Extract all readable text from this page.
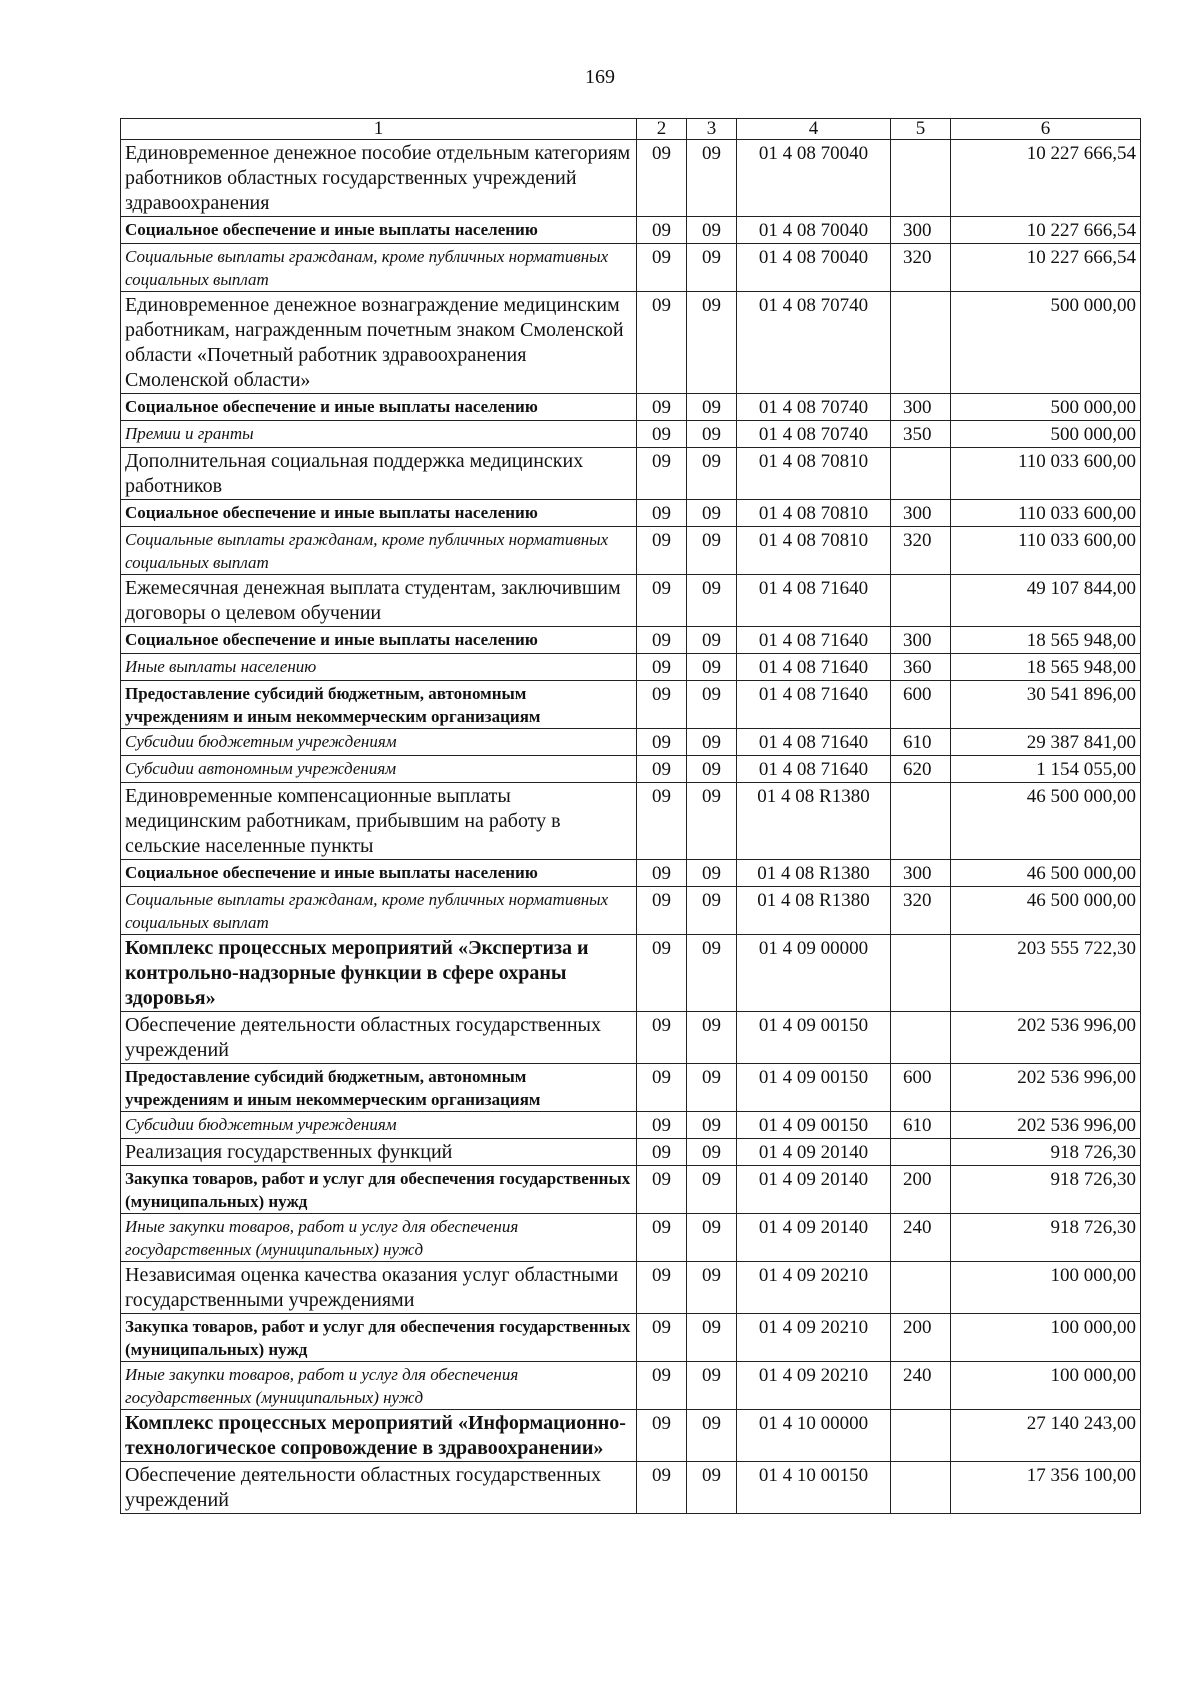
169
1	2	3	4	5	6
Единовременное денежное пособие отдельным категориям работников областных государственных учреждений здравоохранения	09	09	01 4 08 70040		10 227 666,54
Социальное обеспечение и иные выплаты населению	09	09	01 4 08 70040	300	10 227 666,54
Социальные выплаты гражданам, кроме публичных нормативных социальных выплат	09	09	01 4 08 70040	320	10 227 666,54
Единовременное денежное вознаграждение медицинским работникам, награжденным почетным знаком Смоленской области «Почетный работник здравоохранения Смоленской области»	09	09	01 4 08 70740		500 000,00
Социальное обеспечение и иные выплаты населению	09	09	01 4 08 70740	300	500 000,00
Премии и гранты	09	09	01 4 08 70740	350	500 000,00
Дополнительная социальная поддержка медицинских работников	09	09	01 4 08 70810		110 033 600,00
Социальное обеспечение и иные выплаты населению	09	09	01 4 08 70810	300	110 033 600,00
Социальные выплаты гражданам, кроме публичных нормативных социальных выплат	09	09	01 4 08 70810	320	110 033 600,00
Ежемесячная денежная выплата студентам, заключившим договоры о целевом обучении	09	09	01 4 08 71640		49 107 844,00
Социальное обеспечение и иные выплаты населению	09	09	01 4 08 71640	300	18 565 948,00
Иные выплаты населению	09	09	01 4 08 71640	360	18 565 948,00
Предоставление субсидий бюджетным, автономным учреждениям и иным некоммерческим организациям	09	09	01 4 08 71640	600	30 541 896,00
Субсидии бюджетным учреждениям	09	09	01 4 08 71640	610	29 387 841,00
Субсидии автономным учреждениям	09	09	01 4 08 71640	620	1 154 055,00
Единовременные компенсационные выплаты медицинским работникам, прибывшим на работу в сельские населенные пункты	09	09	01 4 08 R1380		46 500 000,00
Социальное обеспечение и иные выплаты населению	09	09	01 4 08 R1380	300	46 500 000,00
Социальные выплаты гражданам, кроме публичных нормативных социальных выплат	09	09	01 4 08 R1380	320	46 500 000,00
Комплекс процессных мероприятий «Экспертиза и контрольно-надзорные функции в сфере охраны здоровья»	09	09	01 4 09 00000		203 555 722,30
Обеспечение деятельности областных государственных учреждений	09	09	01 4 09 00150		202 536 996,00
Предоставление субсидий бюджетным, автономным учреждениям и иным некоммерческим организациям	09	09	01 4 09 00150	600	202 536 996,00
Субсидии бюджетным учреждениям	09	09	01 4 09 00150	610	202 536 996,00
Реализация государственных функций	09	09	01 4 09 20140		918 726,30
Закупка товаров, работ и услуг для обеспечения государственных (муниципальных) нужд	09	09	01 4 09 20140	200	918 726,30
Иные закупки товаров, работ и услуг для обеспечения государственных (муниципальных) нужд	09	09	01 4 09 20140	240	918 726,30
Независимая оценка качества оказания услуг областными государственными учреждениями	09	09	01 4 09 20210		100 000,00
Закупка товаров, работ и услуг для обеспечения государственных (муниципальных) нужд	09	09	01 4 09 20210	200	100 000,00
Иные закупки товаров, работ и услуг для обеспечения государственных (муниципальных) нужд	09	09	01 4 09 20210	240	100 000,00
Комплекс процессных мероприятий «Информационно-технологическое сопровождение в здравоохранении»	09	09	01 4 10 00000		27 140 243,00
Обеспечение деятельности областных государственных учреждений	09	09	01 4 10 00150		17 356 100,00
